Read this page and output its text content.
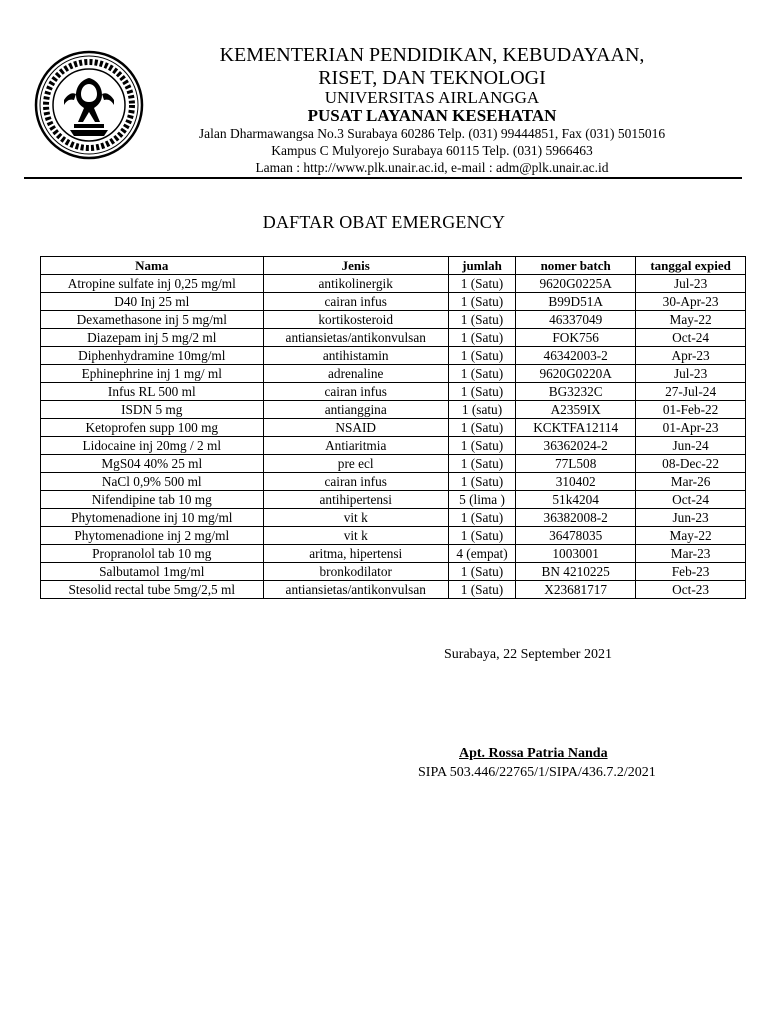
KEMENTERIAN PENDIDIKAN, KEBUDAYAAN,
RISET, DAN TEKNOLOGI
UNIVERSITAS AIRLANGGA
PUSAT LAYANAN KESEHATAN
Jalan Dharmawangsa No.3 Surabaya 60286 Telp. (031) 99444851, Fax (031) 5015016
Kampus C Mulyorejo Surabaya 60115 Telp. (031) 5966463
Laman : http://www.plk.unair.ac.id, e-mail : adm@plk.unair.ac.id
DAFTAR OBAT EMERGENCY
Nama	Jenis	jumlah	nomer batch	tanggal expied
Atropine sulfate inj 0,25 mg/ml	antikolinergik	1 (Satu)	9620G0225A	Jul-23
D40 Inj 25 ml	cairan infus	1 (Satu)	B99D51A	30-Apr-23
Dexamethasone inj 5 mg/ml	kortikosteroid	1 (Satu)	46337049	May-22
Diazepam inj 5 mg/2 ml	antiansietas/antikonvulsan	1 (Satu)	FOK756	Oct-24
Diphenhydramine 10mg/ml	antihistamin	1 (Satu)	46342003-2	Apr-23
Ephinephrine inj 1 mg/ ml	adrenaline	1 (Satu)	9620G0220A	Jul-23
Infus RL 500 ml	cairan infus	1 (Satu)	BG3232C	27-Jul-24
ISDN 5 mg	antianggina	1 (satu)	A2359IX	01-Feb-22
Ketoprofen supp 100 mg	NSAID	1 (Satu)	KCKTFA12114	01-Apr-23
Lidocaine inj 20mg / 2 ml	Antiaritmia	1 (Satu)	36362024-2	Jun-24
MgS04 40% 25 ml	pre ecl	1 (Satu)	77L508	08-Dec-22
NaCl 0,9% 500 ml	cairan infus	1 (Satu)	310402	Mar-26
Nifendipine tab 10 mg	antihipertensi	5 (lima )	51k4204	Oct-24
Phytomenadione inj 10 mg/ml	vit k	1 (Satu)	36382008-2	Jun-23
Phytomenadione inj 2 mg/ml	vit k	1 (Satu)	36478035	May-22
Propranolol tab 10 mg	aritma, hipertensi	4 (empat)	1003001	Mar-23
Salbutamol 1mg/ml	bronkodilator	1 (Satu)	BN 4210225	Feb-23
Stesolid rectal tube 5mg/2,5 ml	antiansietas/antikonvulsan	1 (Satu)	X23681717	Oct-23
Surabaya, 22 September 2021
Apt. Rossa Patria Nanda
SIPA 503.446/22765/1/SIPA/436.7.2/2021
